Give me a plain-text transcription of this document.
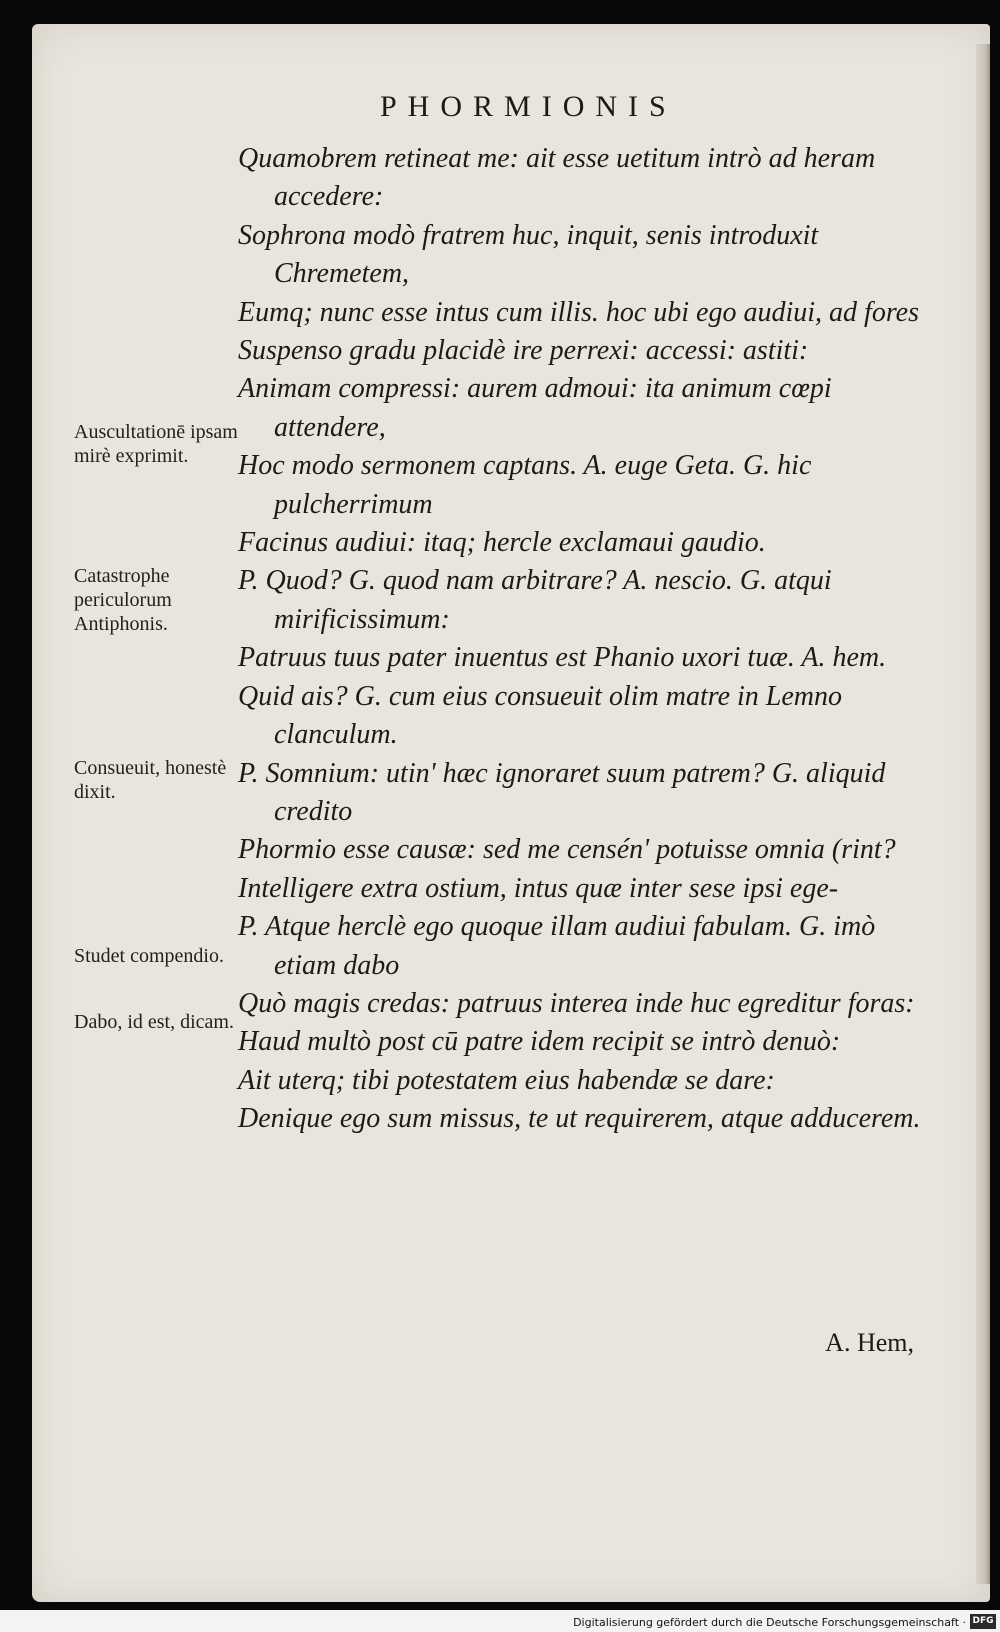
PHORMIONIS
Auscultationē ipsam mirè exprimit.
Catastrophe periculorum Antiphonis.
Consueuit, honestè dixit.
Studet compendio.
Dabo, id est, dicam.

Quamobrem retineat me: ait esse uetitum intrò ad heram accedere:

Sophrona modò fratrem huc, inquit, senis introduxit Chremetem,

Eumq; nunc esse intus cum illis. hoc ubi ego audiui, ad fores

Suspenso gradu placidè ire perrexi: accessi: astiti:

Animam compressi: aurem admoui: ita animum cœpi attendere,

Hoc modo sermonem captans. A. euge Geta. G. hic pulcherrimum

Facinus audiui: itaq; hercle exclamaui gaudio.

P. Quod? G. quod nam arbitrare? A. nescio. G. atqui mirificissimum:

Patruus tuus pater inuentus est Phanio uxori tuæ. A. hem.

Quid ais? G. cum eius consueuit olim matre in Lemno clanculum.

P. Somnium: utin' hæc ignoraret suum patrem? G. aliquid credito

Phormio esse causæ: sed me censén' potuisse omnia (rint?

Intelligere extra ostium, intus quæ inter sese ipsi ege-

P. Atque herclè ego quoque illam audiui fabulam. G. imò etiam dabo

Quò magis credas: patruus interea inde huc egreditur foras:

Haud multò post cū patre idem recipit se intrò denuò:

Ait uterq; tibi potestatem eius habendæ se dare:

Denique ego sum missus, te ut requirerem, atque adducerem.

A. Hem,
Digitalisierung gefördert durch die Deutsche Forschungsgemeinschaft · DFG
